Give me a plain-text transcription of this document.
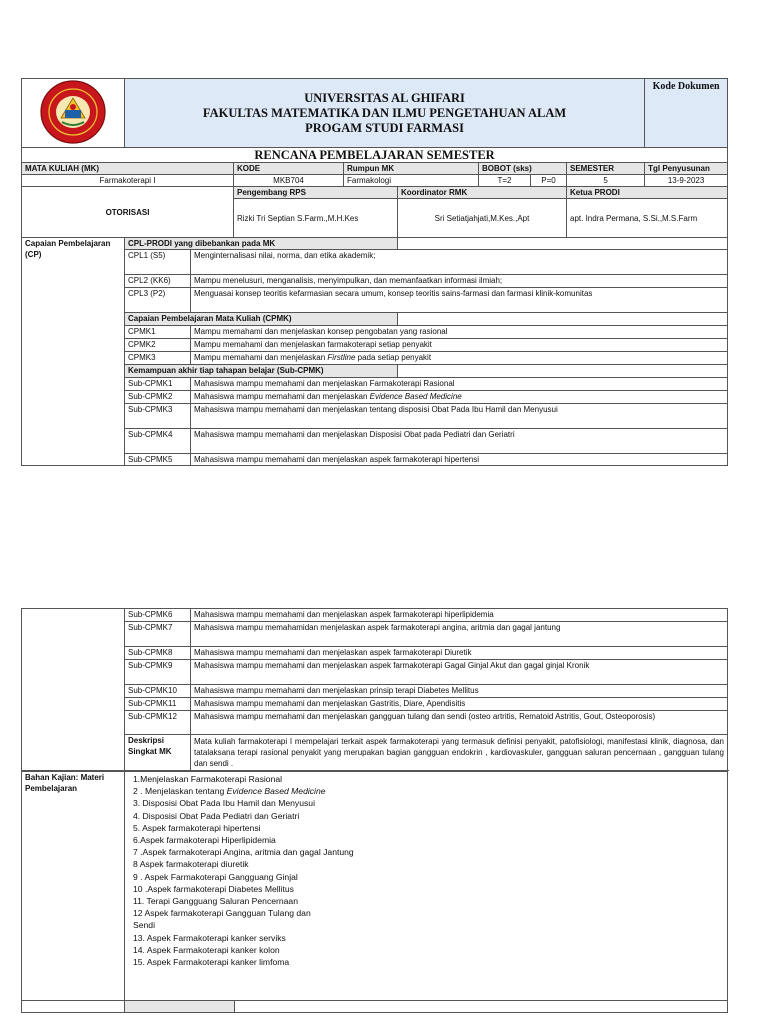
UNIVERSITAS AL GHIFARI
FAKULTAS MATEMATIKA DAN ILMU PENGETAHUAN ALAM
PROGAM STUDI FARMASI								Kode Dokumen
RENCANA PEMBELAJARAN SEMESTER									
MATA KULIAH (MK)			KODE	Rumpun MK		BOBOT (sks)		SEMESTER	Tgl Penyusunan
Farmakoterapi I			MKB704	Farmakologi		T=2	P=0	5	13-9-2023
OTORISASI			Pengembang RPS		Koordinator RMK			Ketua PRODI	
			Rizki Tri Septian S.Farm.,M.H.Kes		Sri Setiatjahjati,M.Kes.,Apt			apt. Indra Permana, S.Si.,M.S.Farm	
Capaian Pembelajaran (CP)	CPL-PRODI yang dibebankan pada MK								
	CPL1 (S5)	Menginternalisasi nilai, norma, dan etika akademik;							
	CPL2 (KK6)	Mampu menelusuri, menganalisis, menyimpulkan, dan memanfaatkan informasi ilmiah;							
	CPL3 (P2)	Menguasai konsep teoritis kefarmasian secara umum, konsep teoritis sains-farmasi dan farmasi klinik-komunitas							
	Capaian Pembelajaran Mata Kuliah (CPMK)								
	CPMK1	Mampu memahami dan menjelaskan konsep pengobatan yang rasional							
	CPMK2	Mampu memahami dan menjelaskan farmakoterapi setiap penyakit							
	CPMK3	Mampu memahami dan menjelaskan Firstline pada setiap penyakit							
	Kemampuan akhir tiap tahapan belajar (Sub-CPMK)								
	Sub-CPMK1	Mahasiswa mampu memahami dan menjelaskan Farmakoterapi Rasional							
	Sub-CPMK2	Mahasiswa mampu memahami dan menjelaskan Evidence Based Medicine							
	Sub-CPMK3	Mahasiswa mampu memahami dan menjelaskan tentang disposisi Obat Pada Ibu Hamil dan Menyusui							
	Sub-CPMK4	Mahasiswa mampu memahami dan menjelaskan Disposisi Obat pada Pediatri dan Geriatri							
	Sub-CPMK5	Mahasiswa mampu memahami dan menjelaskan aspek farmakoterapi hipertensi							
	Sub-CPMK6	Mahasiswa mampu memahami dan menjelaskan aspek farmakoterapi hiperlipidemia
	Sub-CPMK7	Mahasiswa mampu memahamidan menjelaskan aspek farmakoterapi angina, aritmia dan gagal jantung
	Sub-CPMK8	Mahasiswa mampu memahami dan menjelaskan aspek farmakoterapi Diuretik
	Sub-CPMK9	Mahasiswa mampu memahami dan menjelaskan aspek farmakoterapi Gagal Ginjal Akut dan gagal ginjal Kronik
	Sub-CPMK10	Mahasiswa mampu memahami dan menjelaskan prinsip terapi Diabetes Mellitus
	Sub-CPMK11	Mahasiswa mampu memahami dan menjelaskan Gastritis, Diare, Apendisitis
	Sub-CPMK12	Mahasiswa mampu memahami dan menjelaskan gangguan tulang dan sendi (osteo artritis, Rematoid Astritis, Gout, Osteoporosis)
	Deskripsi Singkat MK	Mata kuliah farmakoterapi I mempelajari terkait aspek farmakoterapi yang termasuk definisi penyakit, patofisiologi, manifestasi klinik, diagnosa, dan tatalaksana terapi rasional penyakit yang merupakan bagian gangguan endokrin , kardiovaskuler, gangguan saluran pencernaan , gangguan tulang dan sendi .
Bahan Kajian: Materi Pembelajaran	
1.Menjelaskan Farmakoterapi Rasional
2 . Menjelaskan tentang Evidence Based Medicine
3. Disposisi Obat Pada Ibu Hamil dan Menyusui
4. Disposisi Obat Pada Pediatri dan Geriatri
5. Aspek farmakoterapi hipertensi
6.Aspek farmakoterapi Hiperlipidemia
7 .Aspek farmakoterapi Angina, aritmia dan gagal Jantung
8 Aspek farmakoterapi diuretik
9 . Aspek Farmakoterapi Gangguang Ginjal
10 .Aspek farmakoterapi Diabetes Mellitus
11. Terapi Gangguang Saluran Pencernaan
12 Aspek farmakoterapi Gangguan Tulang dan
Sendi
13. Aspek Farmakoterapi kanker serviks
14. Aspek Farmakoterapi kanker kolon
15. Aspek Farmakoterapi kanker limfoma
